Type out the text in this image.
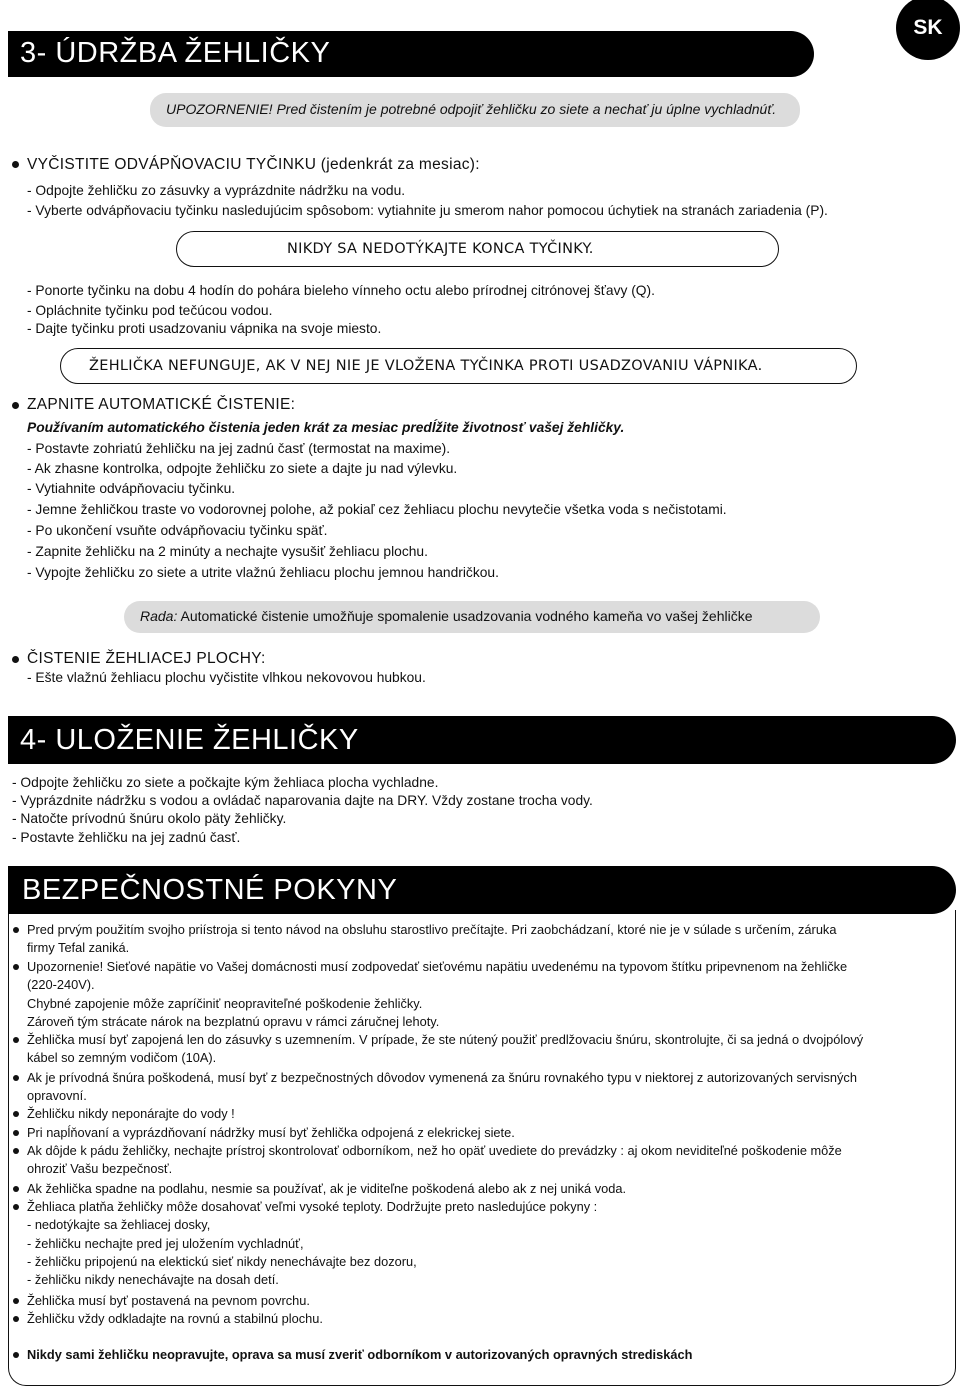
SK
3- ÚDRŽBA ŽEHLIČKY
UPOZORNENIE! Pred čistením je potrebné odpojiť žehličku zo siete a nechať ju úplne vychladnúť.
VYČISTITE ODVÁPŇOVACIU TYČINKU (jedenkrát za mesiac):
- Odpojte žehličku zo zásuvky a vyprázdnite nádržku na vodu.
- Vyberte odvápňovaciu tyčinku nasledujúcim spôsobom: vytiahnite ju smerom nahor pomocou úchytiek na stranách zariadenia (P).
NIKDY SA NEDOTÝKAJTE KONCA TYČINKY.
- Ponorte tyčinku na dobu 4 hodín do pohára bieleho vínneho octu alebo prírodnej citrónovej šťavy (Q).
- Opláchnite tyčinku pod tečúcou vodou.
- Dajte tyčinku proti usadzovaniu vápnika na svoje miesto.
ŽEHLIČKA NEFUNGUJE, AK V NEJ NIE JE VLOŽENA TYČINKA PROTI USADZOVANIU VÁPNIKA.
ZAPNITE AUTOMATICKÉ ČISTENIE:
Používaním automatického čistenia jeden krát za mesiac predĺžite životnosť vašej žehličky.
- Postavte zohriatú žehličku na jej zadnú časť (termostat na maxime).
- Ak zhasne kontrolka, odpojte žehličku zo siete a dajte ju nad výlevku.
- Vytiahnite odvápňovaciu tyčinku.
- Jemne žehličkou traste vo vodorovnej polohe, až pokiaľ cez žehliacu plochu nevytečie všetka voda s nečistotami.
- Po ukončení vsuňte odvápňovaciu tyčinku späť.
- Zapnite žehličku na 2 minúty a nechajte vysušiť žehliacu plochu.
- Vypojte žehličku zo siete a utrite vlažnú žehliacu plochu jemnou handričkou.
Rada: Automatické čistenie umožňuje spomalenie usadzovania vodného kameňa vo vašej žehličke
ČISTENIE ŽEHLIACEJ PLOCHY:
- Ešte vlažnú žehliacu plochu vyčistite vlhkou nekovovou hubkou.
4- ULOŽENIE ŽEHLIČKY
- Odpojte žehličku zo siete a počkajte kým žehliaca plocha vychladne.
- Vyprázdnite nádržku s vodou a ovládač naparovania dajte na DRY. Vždy zostane trocha vody.
- Natočte prívodnú šnúru okolo päty žehličky.
- Postavte žehličku na jej zadnú časť.
BEZPEČNOSTNÉ POKYNY
Pred prvým použitím svojho priístroja si tento návod na obsluhu starostlivo prečítajte. Pri zaobchádzaní, ktoré nie je v súlade s určením, záruka
firmy Tefal zaniká.
Upozornenie! Sieťové napätie vo Vašej domácnosti musí zodpovedať sieťovému napätiu uvedenému na typovom štítku pripevnenom na žehličke
(220-240V).
Chybné zapojenie môže zapríčiniť neopraviteľné poškodenie žehličky.
Zároveň tým strácate nárok na bezplatnú opravu v rámci záručnej lehoty.
Žehlička musí byť zapojená len do zásuvky s uzemnením. V prípade, že ste nútený použiť predlžovaciu šnúru, skontrolujte, či sa jedná o dvojpólový
kábel so zemným vodičom (10A).
Ak je prívodná šnúra poškodená, musí byť z bezpečnostných dôvodov vymenená za šnúru rovnakého typu v niektorej z autorizovaných servisných
opravovní.
Žehličku nikdy neponárajte do vody !
Pri napĺňovaní a vyprázdňovaní nádržky musí byť žehlička odpojená z elekrickej siete.
Ak dôjde k pádu žehličky, nechajte prístroj skontrolovať odborníkom, než ho opäť uvediete do prevádzky : aj okom neviditeľné poškodenie môže
ohroziť Vašu bezpečnosť.
Ak žehlička spadne na podlahu, nesmie sa používať, ak je viditeľne poškodená alebo ak z nej uniká voda.
Žehliaca platňa žehličky môže dosahovať veľmi vysoké teploty. Dodržujte preto nasledujúce pokyny :
- nedotýkajte sa žehliacej dosky,
- žehličku nechajte pred jej uložením vychladnúť,
- žehličku pripojenú na elektickú sieť nikdy nenechávajte bez dozoru,
- žehličku nikdy nenechávajte na dosah detí.
Žehlička musí byť postavená na pevnom povrchu.
Žehličku vždy odkladajte na rovnú a stabilnú plochu.
Nikdy sami žehličku neopravujte, oprava sa musí zveriť odborníkom v autorizovaných opravných strediskách
